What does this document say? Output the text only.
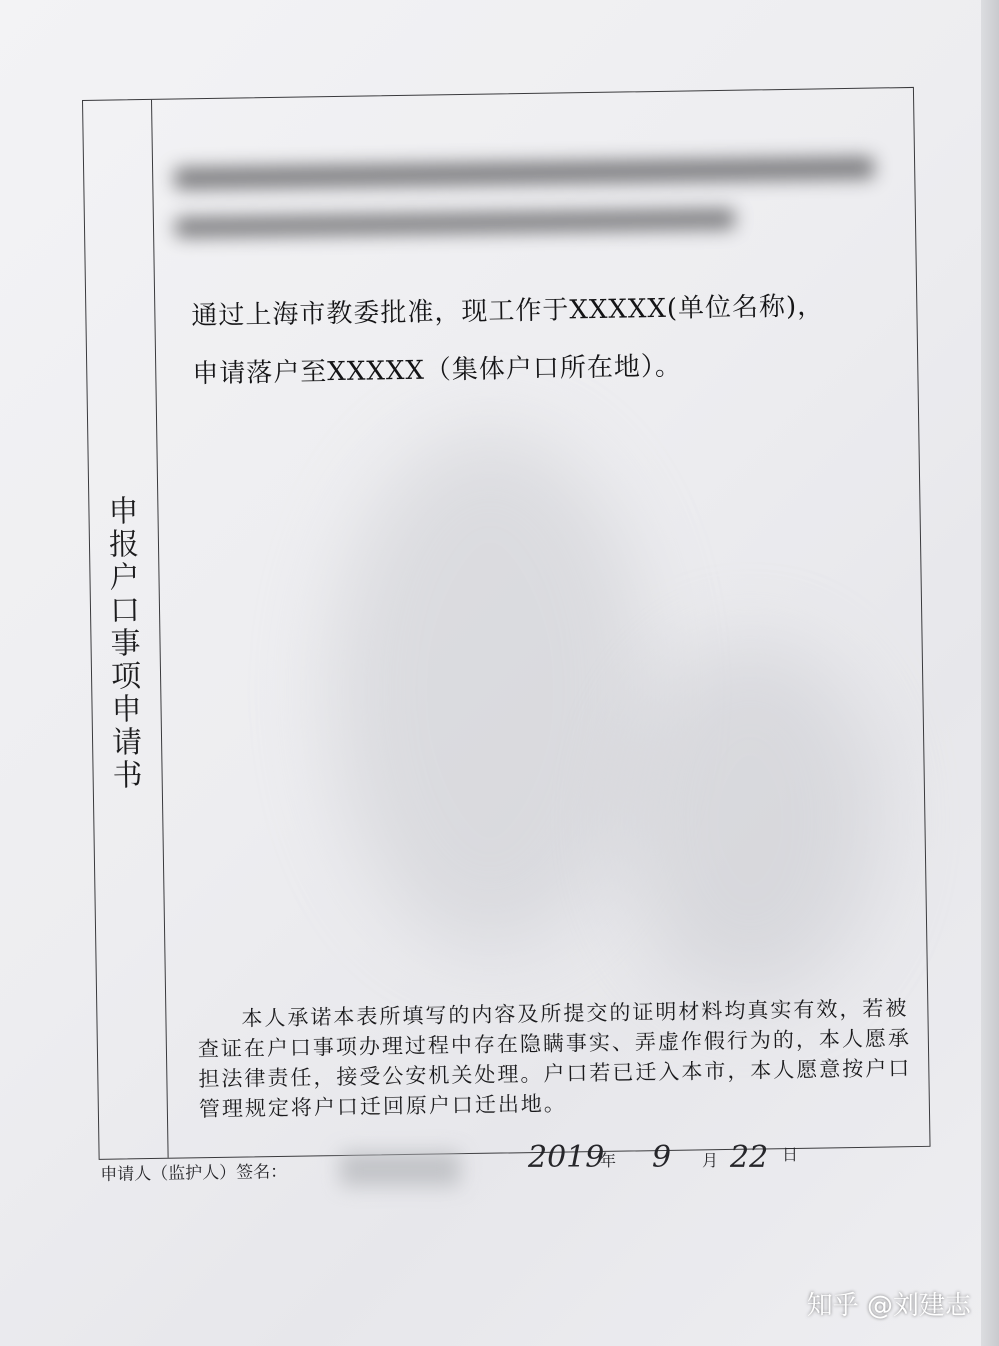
申报户口事项申请书
通过上海市教委批准，现工作于XXXXX(单位名称)，
申请落户至XXXXX（集体户口所在地）。
本人承诺本表所填写的内容及所提交的证明材料均真实有效，若被查证在户口事项办理过程中存在隐瞒事实、弄虚作假行为的，本人愿承担法律责任，接受公安机关处理。户口若已迁入本市，本人愿意按户口管理规定将户口迁回原户口迁出地。
申请人（监护人）签名：	2019
年 9 月 22 日
知乎 @刘建志
